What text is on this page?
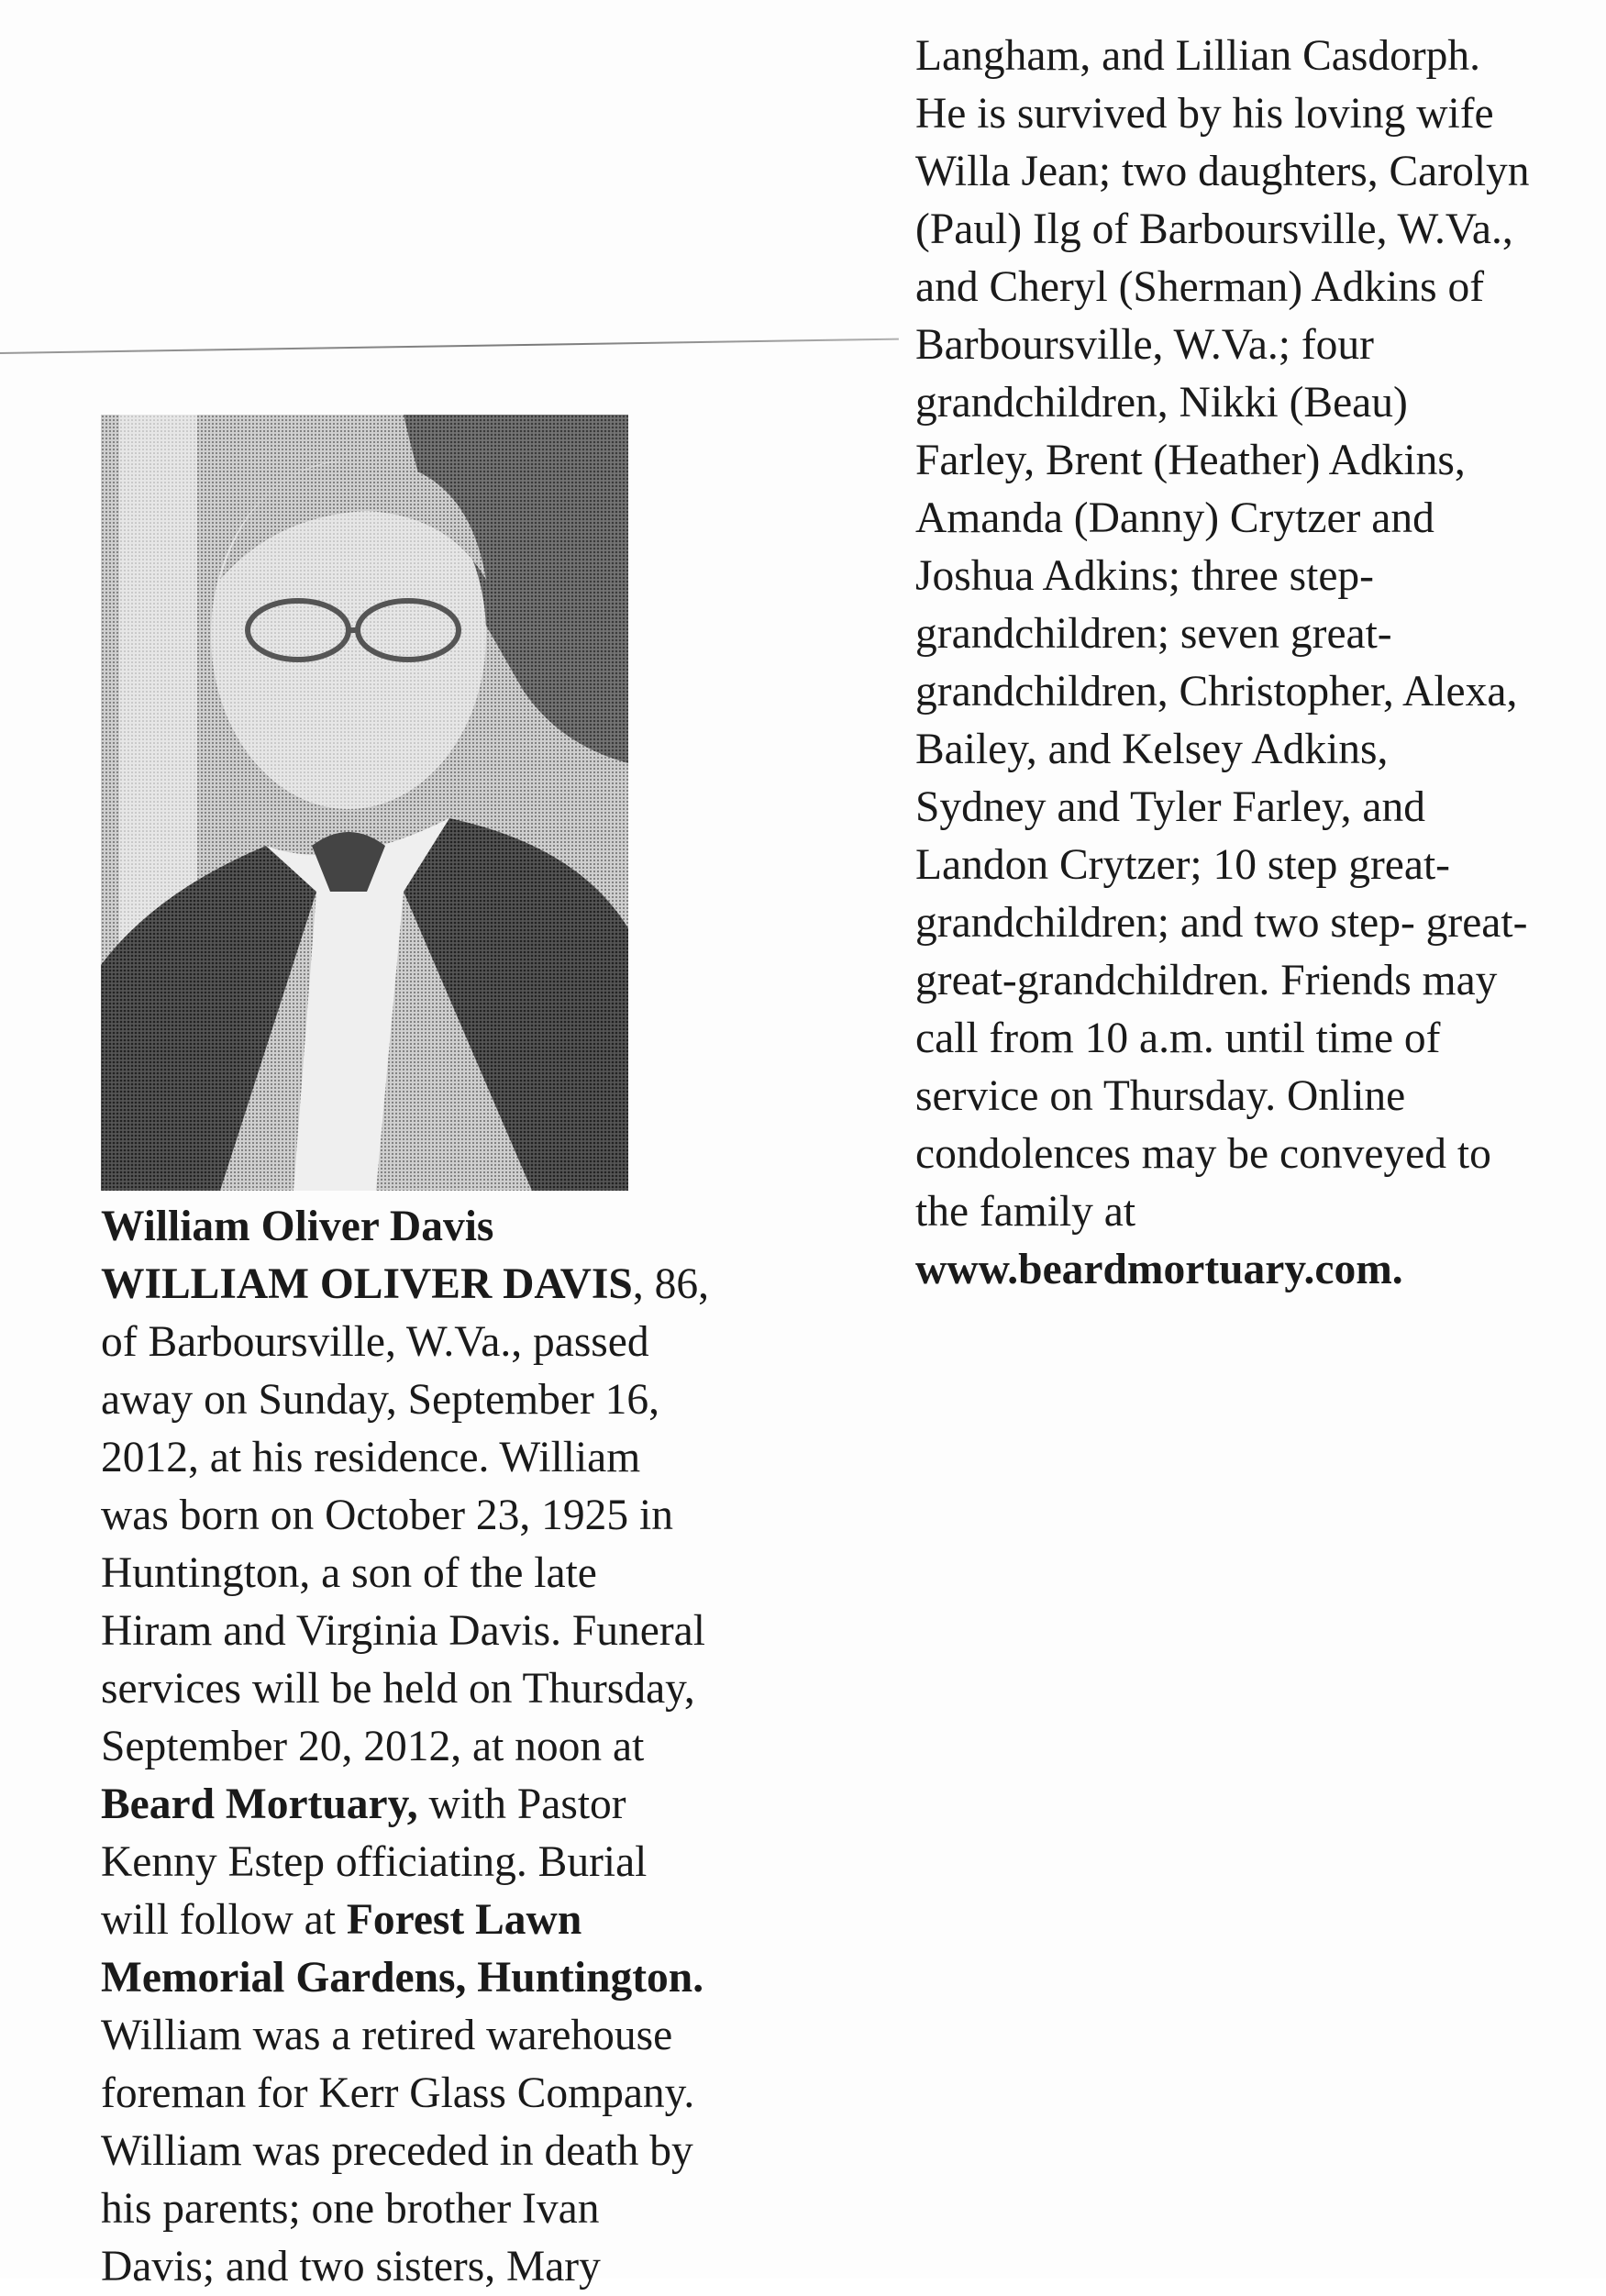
William Oliver Davis
WILLIAM OLIVER DAVIS, 86,
of Barboursville, W.Va., passed
away on Sunday, September 16,
2012, at his residence. William
was born on October 23, 1925 in
Huntington, a son of the late
Hiram and Virginia Davis. Funeral
services will be held on Thursday,
September 20, 2012, at noon at
Beard Mortuary, with Pastor
Kenny Estep officiating. Burial
will follow at Forest Lawn
Memorial Gardens, Huntington.
William was a retired warehouse
foreman for Kerr Glass Company.
William was preceded in death by
his parents; one brother Ivan
Davis; and two sisters, Mary
Langham, and Lillian Casdorph.
He is survived by his loving wife
Willa Jean; two daughters, Carolyn
(Paul) Ilg of Barboursville, W.Va.,
and Cheryl (Sherman) Adkins of
Barboursville, W.Va.; four
grandchildren, Nikki (Beau)
Farley, Brent (Heather) Adkins,
Amanda (Danny) Crytzer and
Joshua Adkins; three step-
grandchildren; seven great-
grandchildren, Christopher, Alexa,
Bailey, and Kelsey Adkins,
Sydney and Tyler Farley, and
Landon Crytzer; 10 step great-
grandchildren; and two step- great-
great-grandchildren. Friends may
call from 10 a.m. until time of
service on Thursday. Online
condolences may be conveyed to
the family at
www.beardmortuary.com.
